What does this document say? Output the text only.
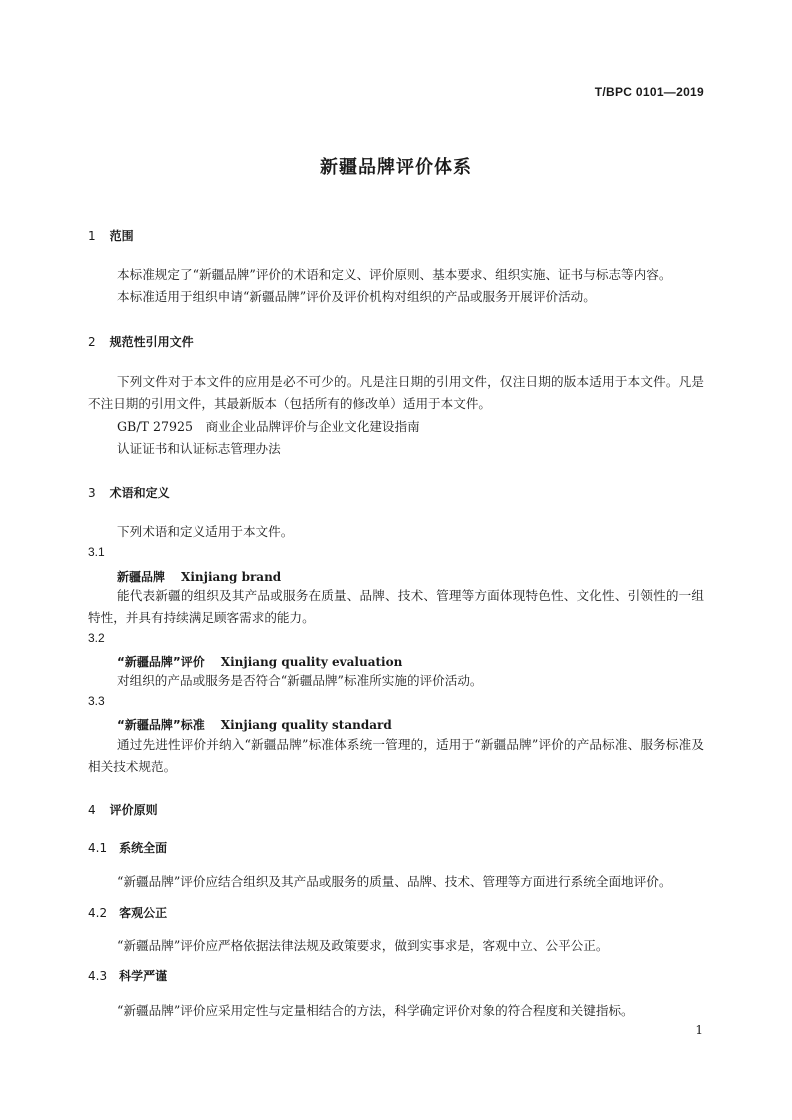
T/BPC 0101—2019
新疆品牌评价体系
1 范围
本标准规定了“新疆品牌”评价的术语和定义、评价原则、基本要求、组织实施、证书与标志等内容。
本标准适用于组织申请“新疆品牌”评价及评价机构对组织的产品或服务开展评价活动。
2 规范性引用文件
下列文件对于本文件的应用是必不可少的。凡是注日期的引用文件，仅注日期的版本适用于本文件。凡是不注日期的引用文件，其最新版本（包括所有的修改单）适用于本文件。
GB/T 27925　商业企业品牌评价与企业文化建设指南
认证证书和认证标志管理办法
3 术语和定义
下列术语和定义适用于本文件。
3.1
新疆品牌 Xinjiang brand
能代表新疆的组织及其产品或服务在质量、品牌、技术、管理等方面体现特色性、文化性、引领性的一组特性，并具有持续满足顾客需求的能力。
3.2
“新疆品牌”评价 Xinjiang quality evaluation
对组织的产品或服务是否符合“新疆品牌”标准所实施的评价活动。
3.3
“新疆品牌”标准 Xinjiang quality standard
通过先进性评价并纳入“新疆品牌”标准体系统一管理的，适用于“新疆品牌”评价的产品标准、服务标准及相关技术规范。
4 评价原则
4.1 系统全面
“新疆品牌”评价应结合组织及其产品或服务的质量、品牌、技术、管理等方面进行系统全面地评价。
4.2 客观公正
“新疆品牌”评价应严格依据法律法规及政策要求，做到实事求是，客观中立、公平公正。
4.3 科学严谨
“新疆品牌”评价应采用定性与定量相结合的方法，科学确定评价对象的符合程度和关键指标。
1
